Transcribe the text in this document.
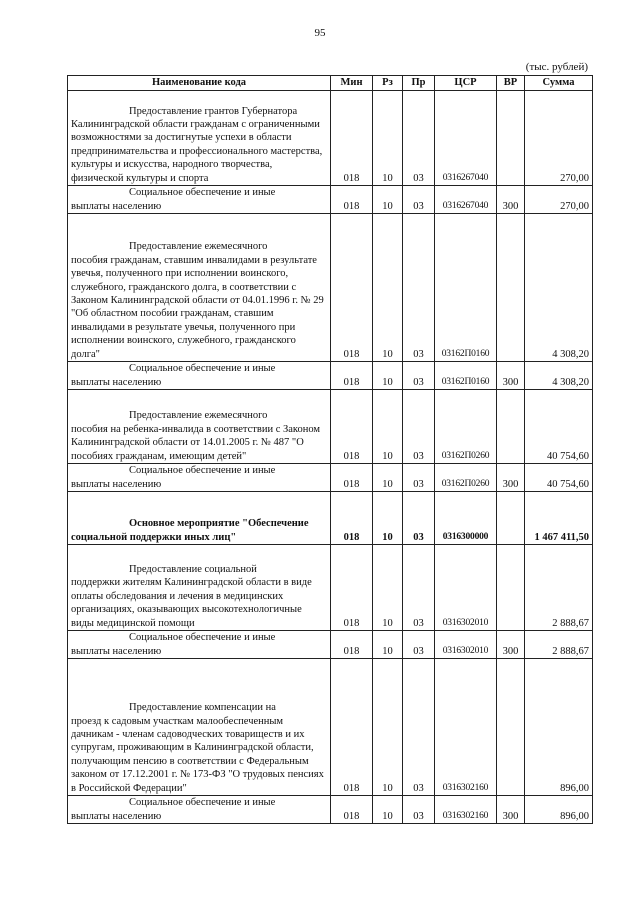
95
(тыс. рублей)
Наименование кода	Мин	Рз	Пр	ЦСР	ВР	Сумма

Предоставление грантов Губернатора
Калининградской области гражданам с ограниченными возможностями за достигнутые успехи в области предпринимательства и профессионального мастерства, культуры и искусства, народного творчества, физической культуры и спорта	018	10	03	0316267040		270,00

Социальное обеспечение и иные
выплаты населению	018	10	03	0316267040	300	270,00

Предоставление ежемесячного
пособия гражданам, ставшим инвалидами в результате увечья, полученного при исполнении воинского, служебного, гражданского долга, в соответствии с Законом Калининградской области от 04.01.1996 г. № 29 "Об областном пособии гражданам, ставшим инвалидами в результате увечья, полученного при исполнении воинского, служебного, гражданского долга"	018	10	03	03162П0160		4 308,20

Социальное обеспечение и иные
выплаты населению	018	10	03	03162П0160	300	4 308,20

Предоставление ежемесячного
пособия на ребенка-инвалида в соответствии с Законом Калининградской области от 14.01.2005 г. № 487 "О пособиях гражданам, имеющим детей"	018	10	03	03162П0260		40 754,60

Социальное обеспечение и иные
выплаты населению	018	10	03	03162П0260	300	40 754,60

Основное мероприятие "Обеспечение
социальной поддержки иных лиц"	018	10	03	0316300000		1 467 411,50

Предоставление социальной
поддержки жителям Калининградской области в виде оплаты обследования и лечения в медицинских организациях, оказывающих высокотехнологичные виды медицинской помощи	018	10	03	0316302010		2 888,67

Социальное обеспечение и иные
выплаты населению	018	10	03	0316302010	300	2 888,67

Предоставление компенсации на
проезд к садовым участкам малообеспеченным дачникам - членам садоводческих товариществ и их супругам, проживающим в Калининградской области, получающим пенсию в соответствии с Федеральным законом от 17.12.2001 г. № 173-ФЗ "О трудовых пенсиях в Российской Федерации"	018	10	03	0316302160		896,00

Социальное обеспечение и иные
выплаты населению	018	10	03	0316302160	300	896,00
